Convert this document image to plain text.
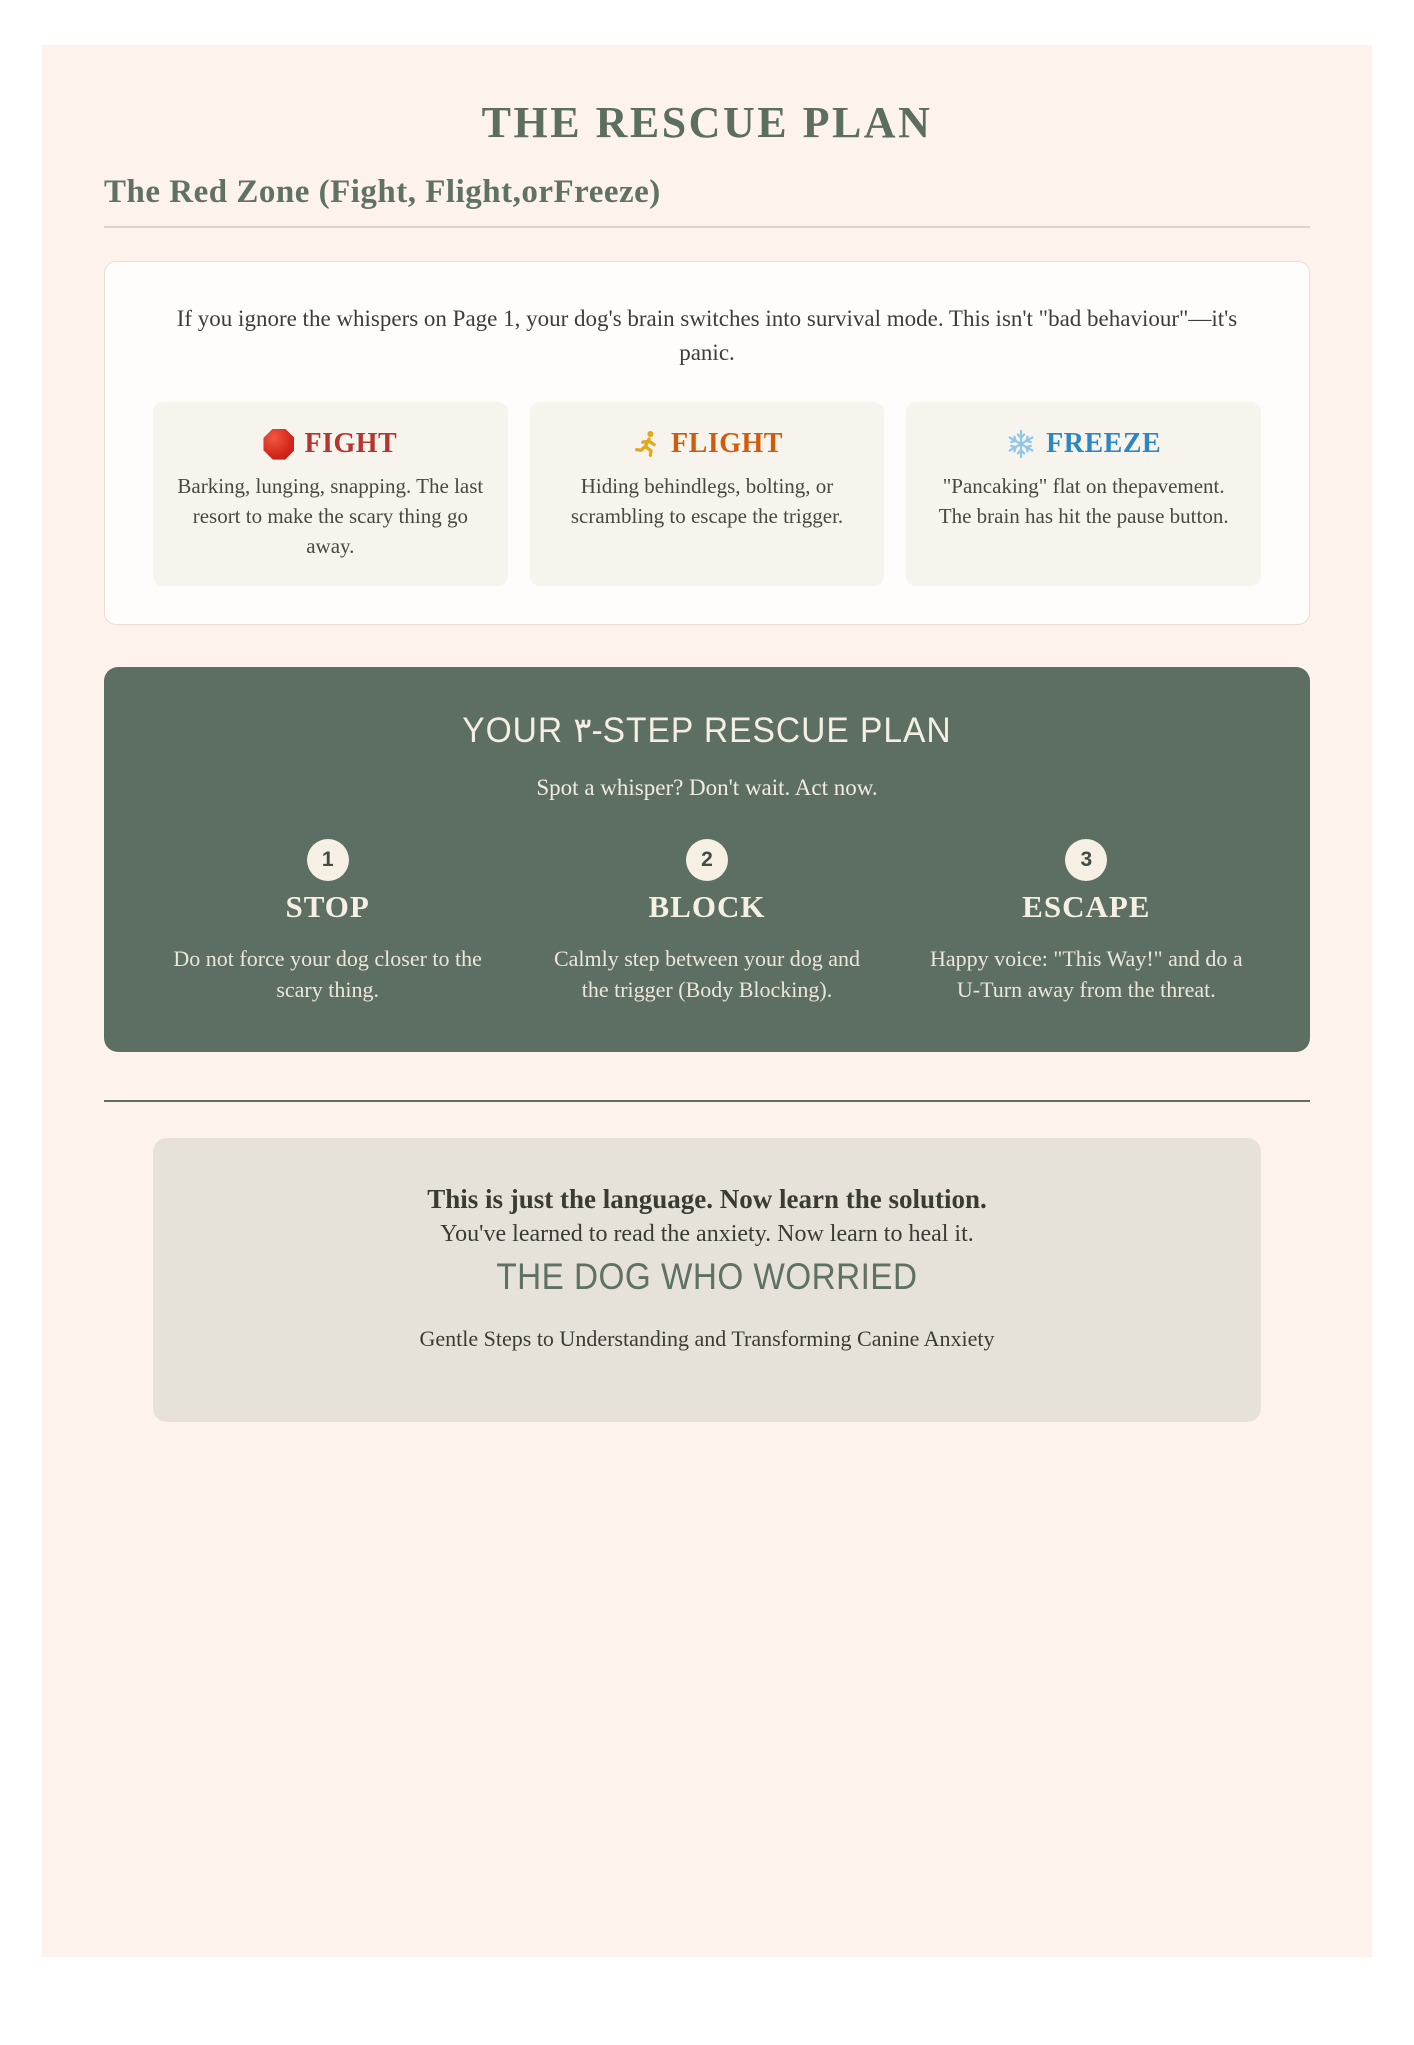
THE RESCUE PLAN
The Red Zone (Fight, Flight,orFreeze)

If you ignore the whispers on Page 1, your dog's brain switches into survival mode. This isn't "bad behaviour"—it's panic.

FIGHT

Barking, lunging, snapping. The last resort to make the scary thing go away.

FLIGHT

Hiding behindlegs, bolting, or scrambling to escape the trigger.

FREEZE

"Pancaking" flat on thepavement. The brain has hit the pause button.

YOUR ۳-STEP RESCUE PLAN
Spot a whisper? Don't wait. Act now.
1
STOP

Do not force your dog closer to the scary thing.

2
BLOCK

Calmly step between your dog and the trigger (Body Blocking).

3
ESCAPE

Happy voice: "This Way!" and do a U-Turn away from the threat.

This is just the language. Now learn the solution.
You've learned to read the anxiety. Now learn to heal it.
THE DOG WHO WORRIED
Gentle Steps to Understanding and Transforming Canine Anxiety
